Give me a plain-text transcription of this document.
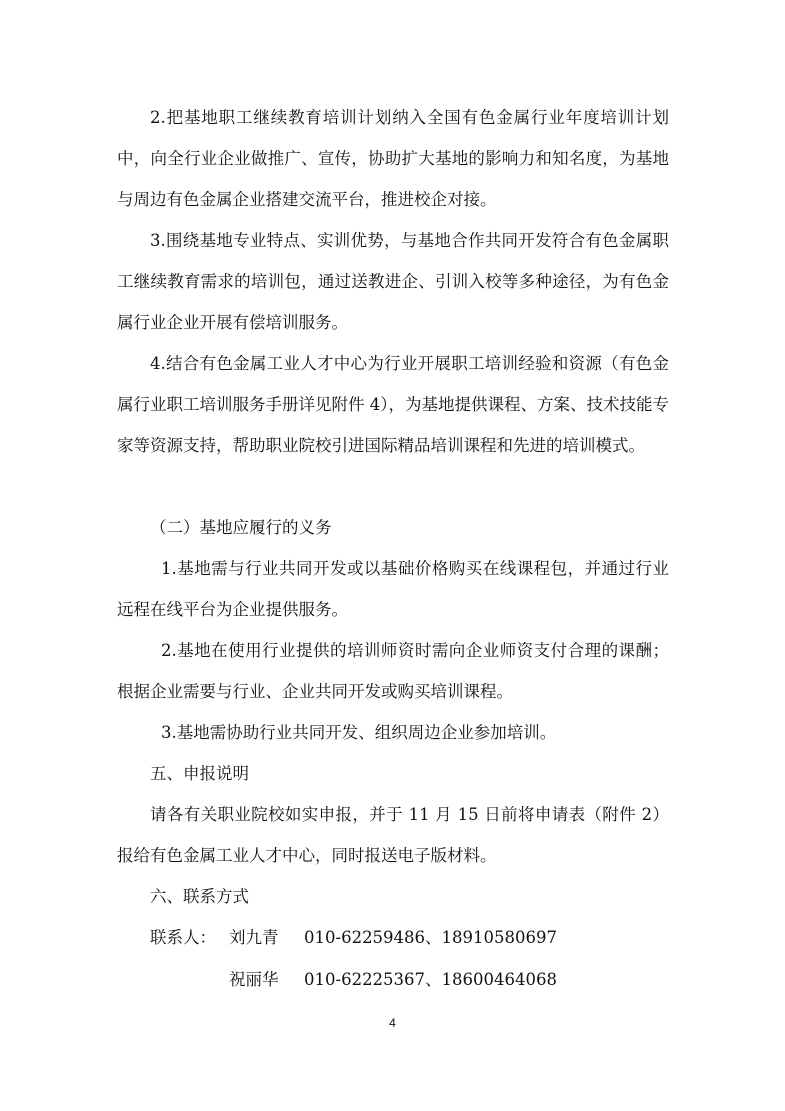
2.把基地职工继续教育培训计划纳入全国有色金属行业年度培训计划中，向全行业企业做推广、宣传，协助扩大基地的影响力和知名度，为基地与周边有色金属企业搭建交流平台，推进校企对接。

3.围绕基地专业特点、实训优势，与基地合作共同开发符合有色金属职工继续教育需求的培训包，通过送教进企、引训入校等多种途径，为有色金属行业企业开展有偿培训服务。

4.结合有色金属工业人才中心为行业开展职工培训经验和资源（有色金属行业职工培训服务手册详见附件 4），为基地提供课程、方案、技术技能专家等资源支持，帮助职业院校引进国际精品培训课程和先进的培训模式。

（二）基地应履行的义务

1.基地需与行业共同开发或以基础价格购买在线课程包，并通过行业远程在线平台为企业提供服务。

2.基地在使用行业提供的培训师资时需向企业师资支付合理的课酬；根据企业需要与行业、企业共同开发或购买培训课程。

3.基地需协助行业共同开发、组织周边企业参加培训。

五、申报说明

请各有关职业院校如实申报，并于 11 月 15 日前将申请表（附件 2）报给有色金属工业人才中心，同时报送电子版材料。

六、联系方式

联系人： 刘九青 010-62259486、18910580697

祝丽华 010-62225367、18600464068

4
